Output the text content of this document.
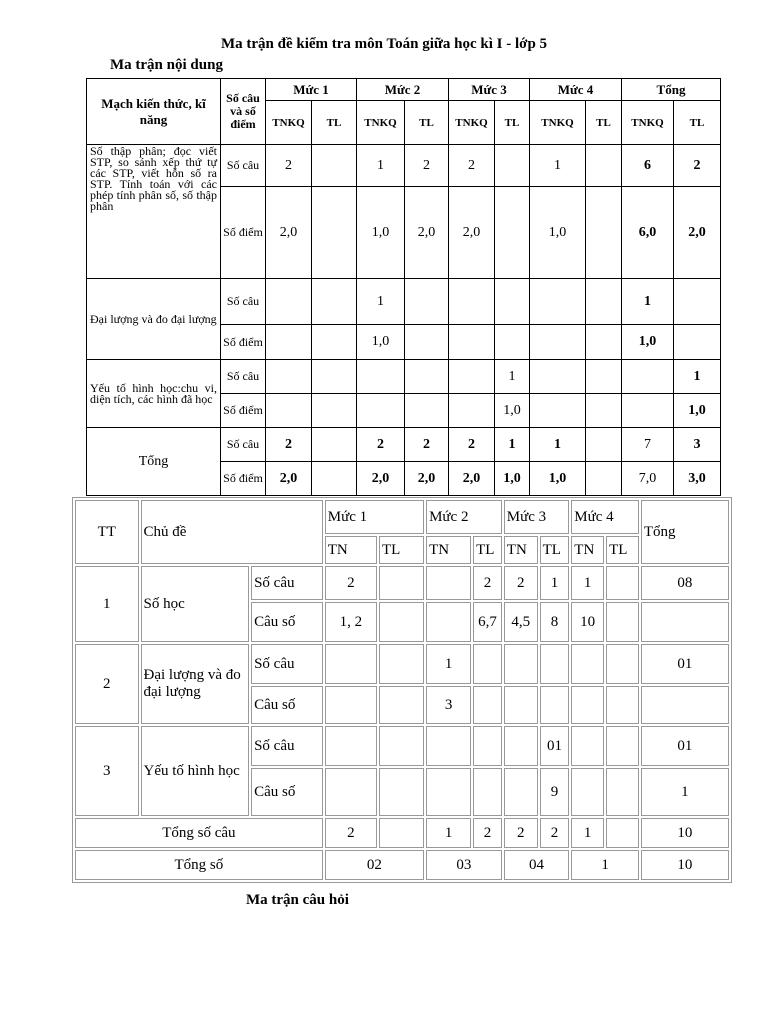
Ma trận đề kiểm tra môn Toán giữa học kì I - lớp 5
Ma trận nội dung
Mạch kiến thức, kĩ năng	Số câu và số điểm	Mức 1		Mức 2		Mức 3		Mức 4		Tổng	
		TNKQ	TL	TNKQ	TL	TNKQ	TL	TNKQ	TL	TNKQ	TL
Số thập phân; đọc viết STP, so sánh xếp thứ tự các STP, viết hỗn số ra STP. Tính toán với các phép tính phân số, số thập phân	Số câu	2		1	2	2		1		6	2
	Số điểm	2,0		1,0	2,0	2,0		1,0		6,0	2,0
Đại lượng và đo đại lượng	Số câu			1						1	
	Số điểm			1,0						1,0	
Yếu tố hình học:chu vi, diện tích, các hình đã học	Số câu						1				1
	Số điểm						1,0				1,0
Tổng	Số câu	2		2	2	2	1	1		7	3
	Số điểm	2,0		2,0	2,0	2,0	1,0	1,0		7,0	3,0
TT	Chủ đề		Mức 1		Mức 2		Mức 3		Mức 4		Tổng
			TN	TL	TN	TL	TN	TL	TN	TL	
1	Số học	Số câu	2			2	2	1	1		08
		Câu số	1, 2			6,7	4,5	8	10		
2	Đại lượng và đo đại lượng	Số câu			1						01
		Câu số			3						
3	Yếu tố hình học	Số câu						01			01
		Câu số						9			1
Tổng số câu			2		1	2	2	2	1		10
Tổng số			02		03		04		1		10
Ma trận câu hỏi
